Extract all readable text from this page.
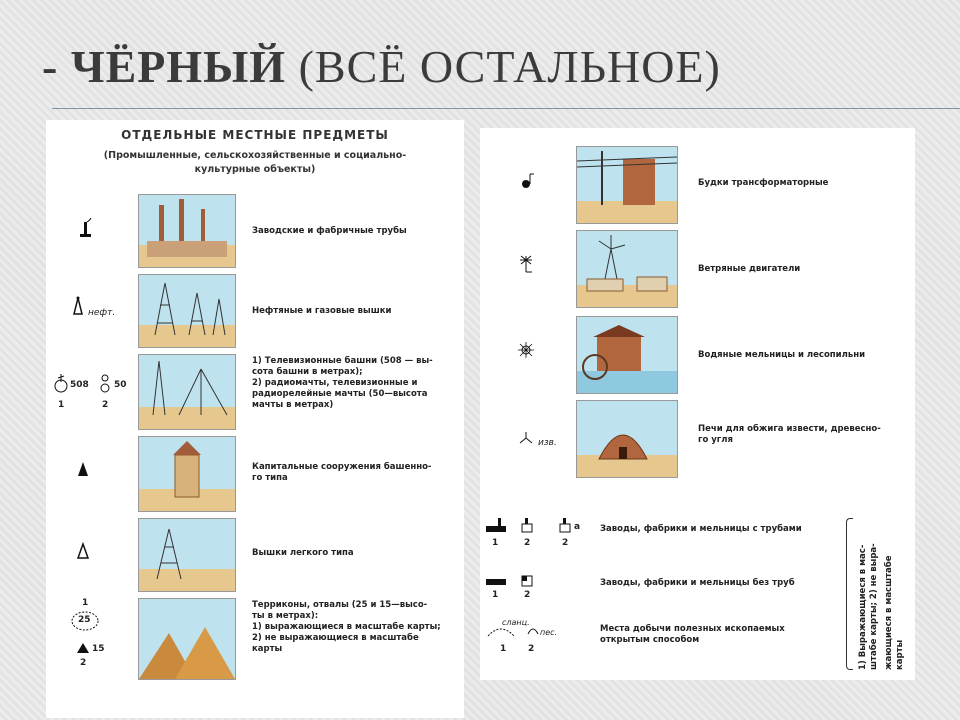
- ЧЁРНЫЙ (ВСЁ ОСТАЛЬНОЕ)
ОТДЕЛЬНЫЕ МЕСТНЫЕ ПРЕДМЕТЫ
(Промышленные, сельскохозяйственные и социально-
культурные объекты)
Заводские и фабричные трубы
нефт.	Нефтяные и газовые вышки
508	50
1	2
1) Телевизионные башни (508 — вы-
сота башни в метрах);
2) радиомачты, телевизионные и
радиорелейные мачты (50—высота
мачты в метрах)
Капитальные сооружения башенно-
го типа
Вышки легкого типа
1
25
15
2
Терриконы, отвалы (25 и 15—высо-
ты в метрах):
1) выражающиеся в масштабе карты;
2) не выражающиеся в масштабе
карты
Будки трансформаторные
Ветряные двигатели
Водяные мельницы и лесопильни
изв.
Печи для обжига извести, древесно-
го угля
а
1	2	2
Заводы, фабрики и мельницы с трубами
1	2
Заводы, фабрики и мельницы без труб
сланц.
пес.
1 2
Места добычи полезных ископаемых
открытым способом	1) Выражающиеся в мас- штабе карты; 2) не выра- жающиеся в масштабе карты
